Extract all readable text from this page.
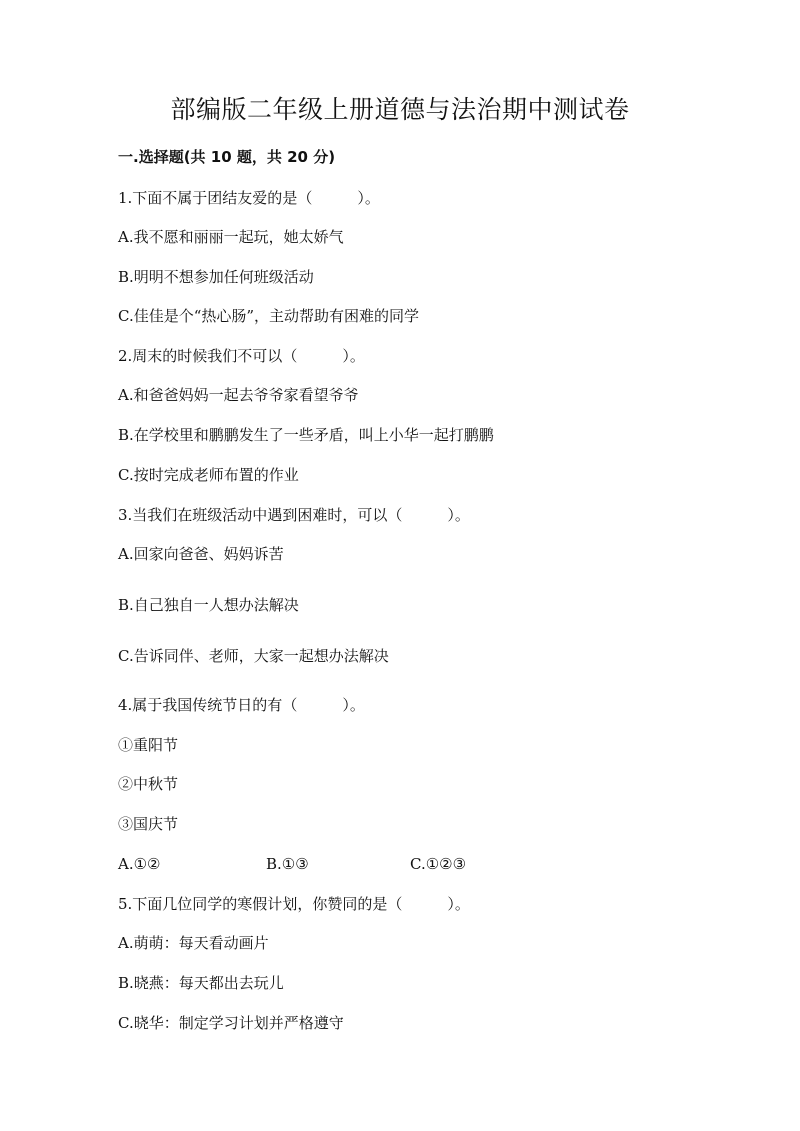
部编版二年级上册道德与法治期中测试卷
一.选择题(共 10 题，共 20 分)
1.下面不属于团结友爱的是（　　　）。
A.我不愿和丽丽一起玩，她太娇气
B.明明不想参加任何班级活动
C.佳佳是个“热心肠”，主动帮助有困难的同学
2.周末的时候我们不可以（　　　）。
A.和爸爸妈妈一起去爷爷家看望爷爷
B.在学校里和鹏鹏发生了一些矛盾，叫上小华一起打鹏鹏
C.按时完成老师布置的作业
3.当我们在班级活动中遇到困难时，可以（　　　）。
A.回家向爸爸、妈妈诉苦
B.自己独自一人想办法解决
C.告诉同伴、老师，大家一起想办法解决
4.属于我国传统节日的有（　　　）。
①重阳节
②中秋节
③国庆节
A.①②	B.①③	C.①②③
5.下面几位同学的寒假计划，你赞同的是（　　　）。
A.萌萌：每天看动画片
B.晓燕：每天都出去玩儿
C.晓华：制定学习计划并严格遵守
